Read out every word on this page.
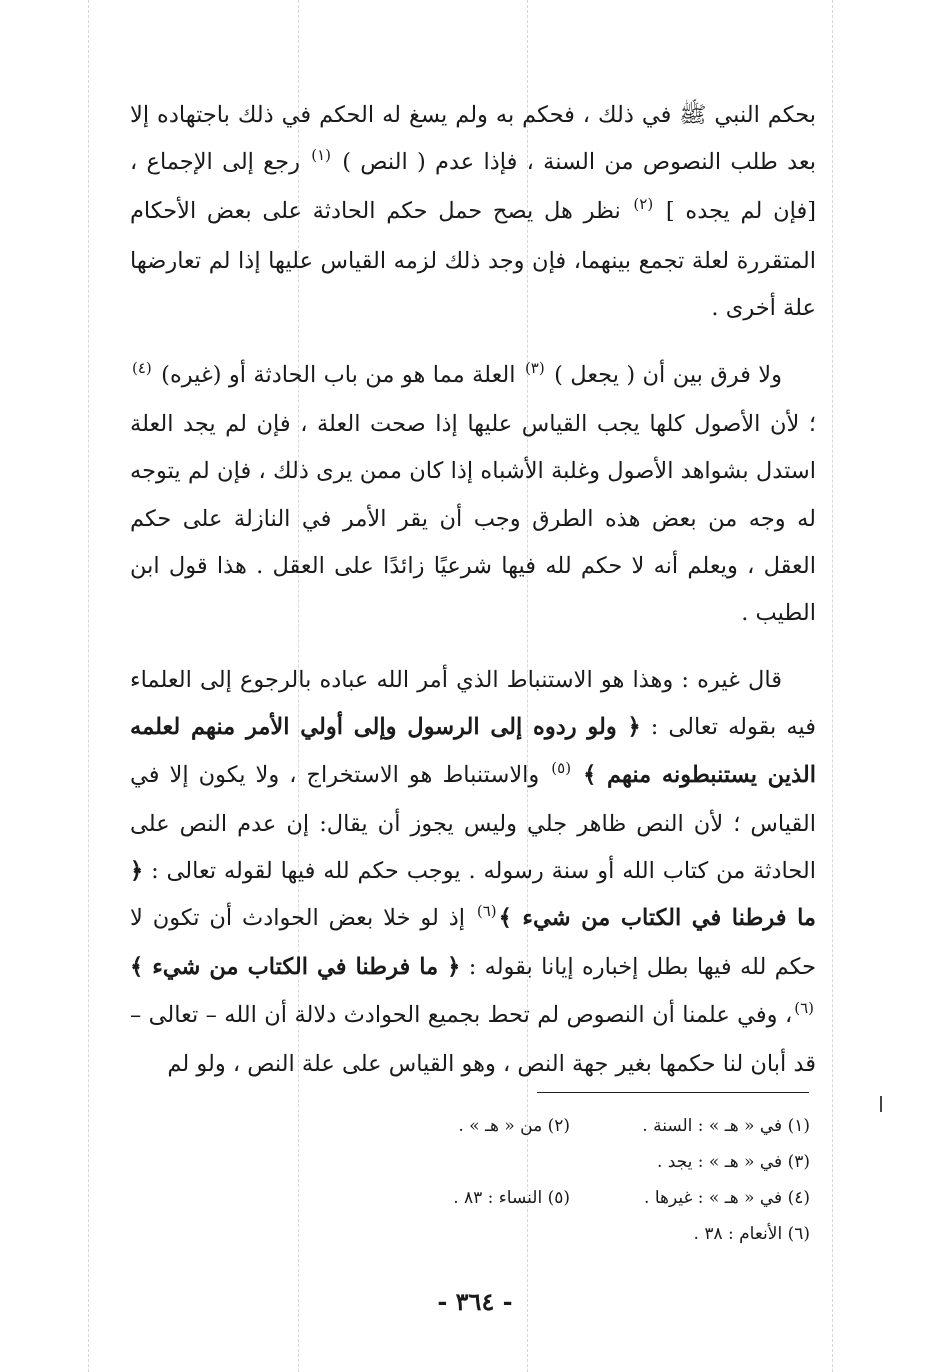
بحكم النبي ﷺ في ذلك ، فحكم به ولم يسغ له الحكم في ذلك باجتهاده إلا بعد طلب النصوص من السنة ، فإذا عدم ( النص ) $^{(١)}$ رجع إلى الإجماع ، [فإن لم يجده ] $^{(٢)}$ نظر هل يصح حمل حكم الحادثة على بعض الأحكام المتقررة لعلة تجمع بينهما، فإن وجد ذلك لزمه القياس عليها إذا لم تعارضها علة أخرى .

ولا فرق بين أن ( يجعل ) $^{(٣)}$ العلة مما هو من باب الحادثة أو (غيره) $^{(٤)}$ ؛ لأن الأصول كلها يجب القياس عليها إذا صحت العلة ، فإن لم يجد العلة استدل بشواهد الأصول وغلبة الأشباه إذا كان ممن يرى ذلك ، فإن لم يتوجه له وجه من بعض هذه الطرق وجب أن يقر الأمر في النازلة على حكم العقل ، ويعلم أنه لا حكم لله فيها شرعيًا زائدًا على العقل . هذا قول ابن الطيب .

قال غيره : وهذا هو الاستنباط الذي أمر الله عباده بالرجوع إلى العلماء فيه بقوله تعالى : ﴿ ولو ردوه إلى الرسول وإلى أولي الأمر منهم لعلمه الذين يستنبطونه منهم ﴾ $^{(٥)}$ والاستنباط هو الاستخراج ، ولا يكون إلا في القياس ؛ لأن النص ظاهر جلي وليس يجوز أن يقال: إن عدم النص على الحادثة من كتاب الله أو سنة رسوله . يوجب حكم لله فيها لقوله تعالى : ﴿ ما فرطنا في الكتاب من شيء ﴾$^{(٦)}$ إذ لو خلا بعض الحوادث أن تكون لا حكم لله فيها بطل إخباره إيانا بقوله : ﴿ ما فرطنا في الكتاب من شيء ﴾ $^{(٦)}$، وفي علمنا أن النصوص لم تحط بجميع الحوادث دلالة أن الله – تعالى – قد أبان لنا حكمها بغير جهة النص ، وهو القياس على علة النص ، ولو لم

(١) في « هـ » : السنة .
(٢) من « هـ » .
(٣) في « هـ » : يجد .
(٤) في « هـ » : غيرها .
(٥) النساء : ٨٣ .
(٦) الأنعام : ٣٨ .
- ٣٦٤ -
